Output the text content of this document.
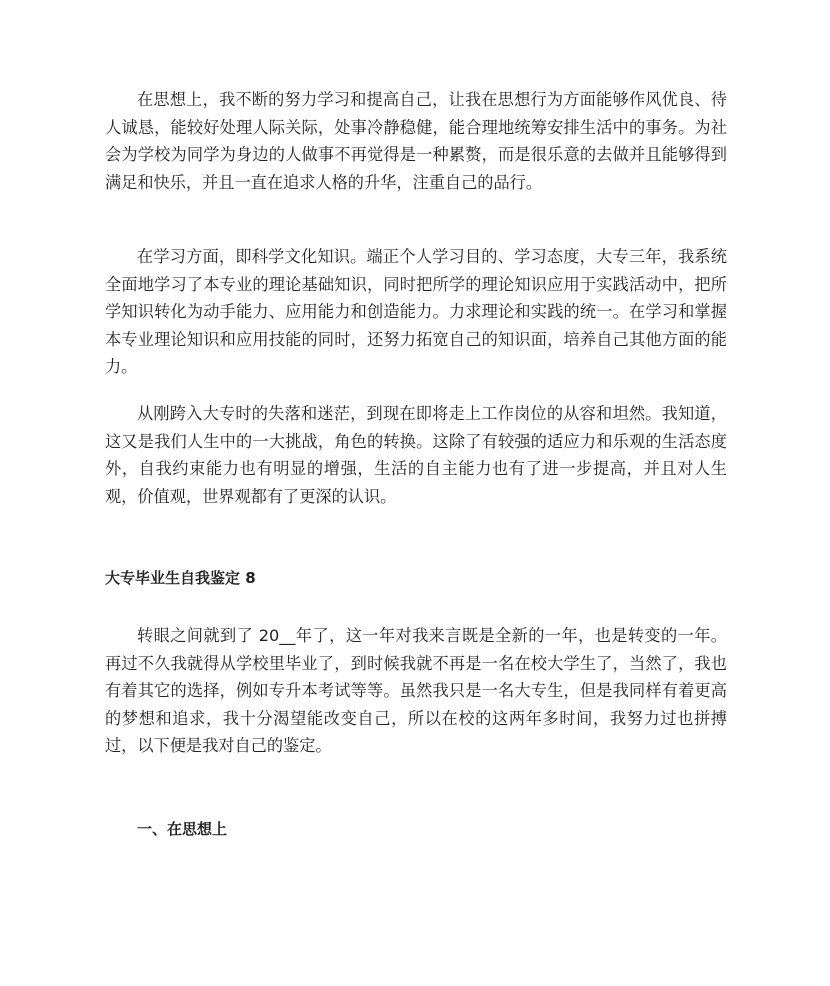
在思想上，我不断的努力学习和提高自己，让我在思想行为方面能够作风优良、待人诚恳，能较好处理人际关际，处事冷静稳健，能合理地统筹安排生活中的事务。为社会为学校为同学为身边的人做事不再觉得是一种累赘，而是很乐意的去做并且能够得到满足和快乐，并且一直在追求人格的升华，注重自己的品行。

在学习方面，即科学文化知识。端正个人学习目的、学习态度，大专三年，我系统全面地学习了本专业的理论基础知识，同时把所学的理论知识应用于实践活动中，把所学知识转化为动手能力、应用能力和创造能力。力求理论和实践的统一。在学习和掌握本专业理论知识和应用技能的同时，还努力拓宽自己的知识面，培养自己其他方面的能力。

从刚跨入大专时的失落和迷茫，到现在即将走上工作岗位的从容和坦然。我知道，这又是我们人生中的一大挑战，角色的转换。这除了有较强的适应力和乐观的生活态度外，自我约束能力也有明显的增强，生活的自主能力也有了进一步提高，并且对人生观，价值观，世界观都有了更深的认识。

大专毕业生自我鉴定 8

转眼之间就到了 20__年了，这一年对我来言既是全新的一年，也是转变的一年。再过不久我就得从学校里毕业了，到时候我就不再是一名在校大学生了，当然了，我也有着其它的选择，例如专升本考试等等。虽然我只是一名大专生，但是我同样有着更高的梦想和追求，我十分渴望能改变自己，所以在校的这两年多时间，我努力过也拼搏过，以下便是我对自己的鉴定。

一、在思想上
